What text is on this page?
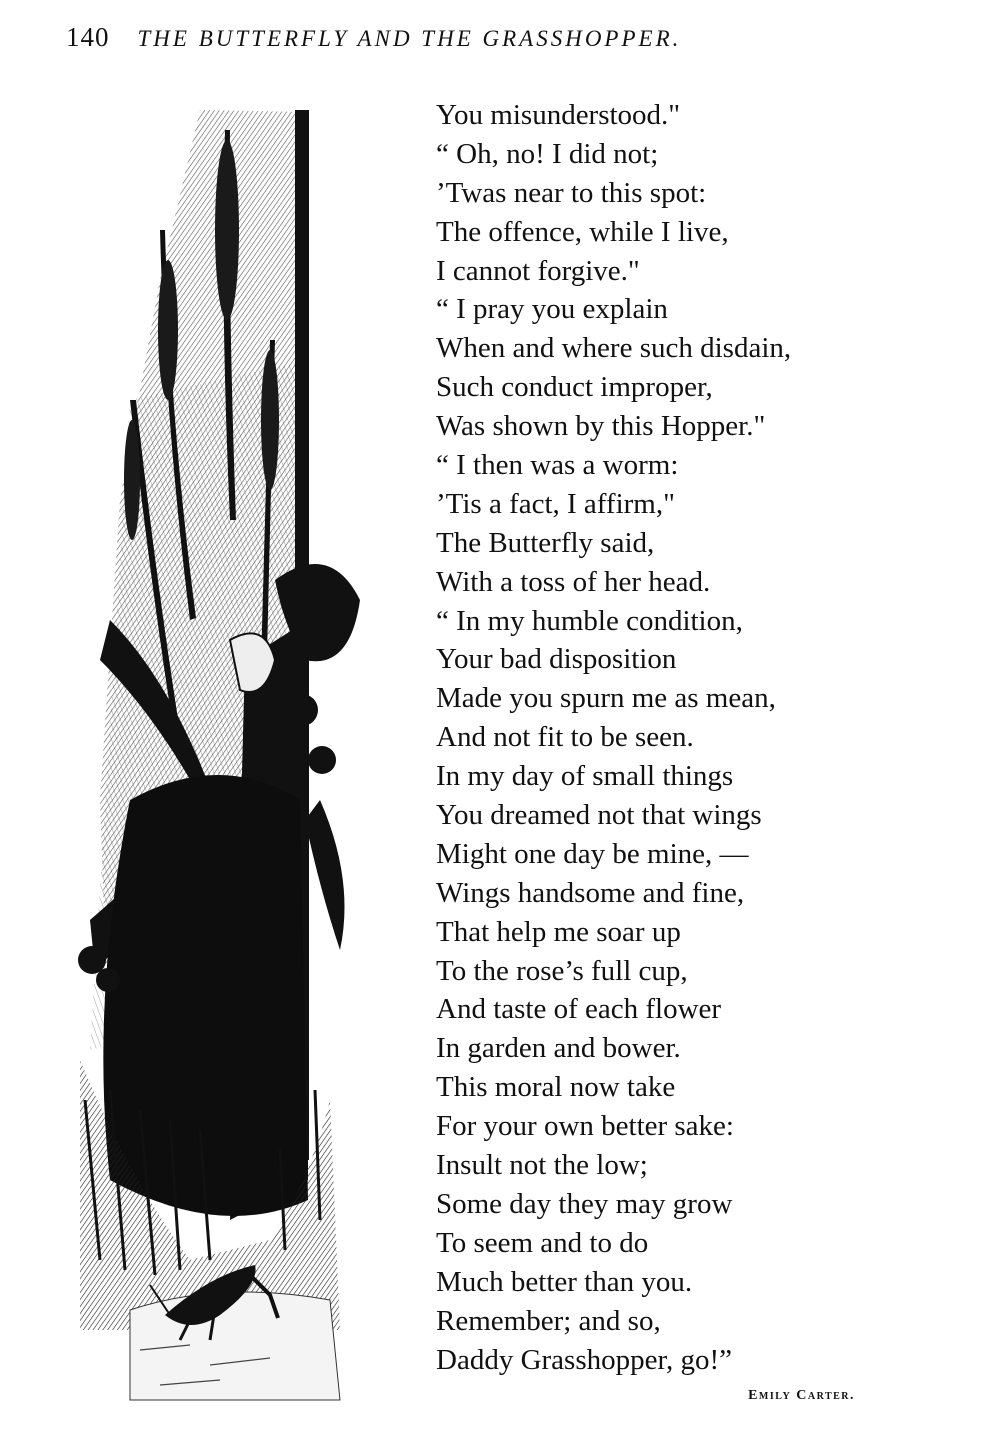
140 THE BUTTERFLY AND THE GRASSHOPPER.
You misunderstood."
“ Oh, no! I did not;
’Twas near to this spot:
The offence, while I live,
I cannot forgive."
“ I pray you explain
When and where such disdain,
Such conduct improper,
Was shown by this Hopper."
“ I then was a worm:
’Tis a fact, I affirm,"
The Butterfly said,
With a toss of her head.
“ In my humble condition,
Your bad disposition
Made you spurn me as mean,
And not fit to be seen.
In my day of small things
You dreamed not that wings
Might one day be mine, —
Wings handsome and fine,
That help me soar up
To the rose’s full cup,
And taste of each flower
In garden and bower.
This moral now take
For your own better sake:
Insult not the low;
Some day they may grow
To seem and to do
Much better than you.
Remember; and so,
Daddy Grasshopper, go!”
Emily Carter.
